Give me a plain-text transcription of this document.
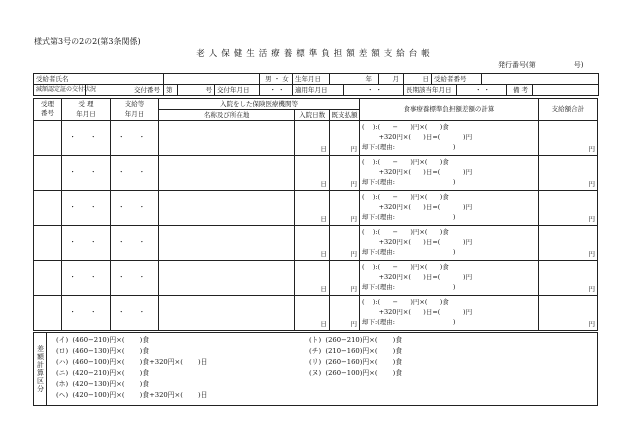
様式第3号の2の2(第3条関係)
老人保健生活療養標準負担額差額支給台帳
発行番号(第	号)
受給者氏名					男 ・ 女	生年月日	年		月	日	受給者番号				
減額認定証の交付状況	交付番号	第	号	交付年月日	・ ・	適用年月日		・ ・		長期該当年月日		・ ・		備 考	
受理
番号	受 理	支給等	入院をした保険医療機関等			食事療養標準負担額差額の計算	支給額合計
	年月日	年月日	名称及び所在地	入院日数	既支払額		
	・ ・	・ ・		日	円	(    ):(      −      )円×(      )食
+320円×(      )日=(           )円
却下:(理由:                            )	円
	・ ・	・ ・		日	円	(    ):(      −      )円×(      )食
+320円×(      )日=(           )円
却下:(理由:                            )	円
	・ ・	・ ・		日	円	(    ):(      −      )円×(      )食
+320円×(      )日=(           )円
却下:(理由:                            )	円
	・ ・	・ ・		日	円	(    ):(      −      )円×(      )食
+320円×(      )日=(           )円
却下:(理由:                            )	円
	・ ・	・ ・		日	円	(    ):(      −      )円×(      )食
+320円×(      )日=(           )円
却下:(理由:                            )	円
	・ ・	・ ・		日	円	(    ):(      −      )円×(      )食
+320円×(      )日=(           )円
却下:(理由:                            )	円
差額計算区分
(イ)  (460−210)円×(       )食
(ロ)  (460−130)円×(       )食
(ハ)  (460−100)円×(       )食+320円×(       )日
(ニ)  (420−210)円×(       )食
(ホ)  (420−130)円×(       )食
(ヘ)  (420−100)円×(       )食+320円×(       )日
(ト)  (260−210)円×(       )食
(チ)  (210−160)円×(       )食
(リ)  (260−160)円×(       )食
(ヌ)  (260−100)円×(       )食
